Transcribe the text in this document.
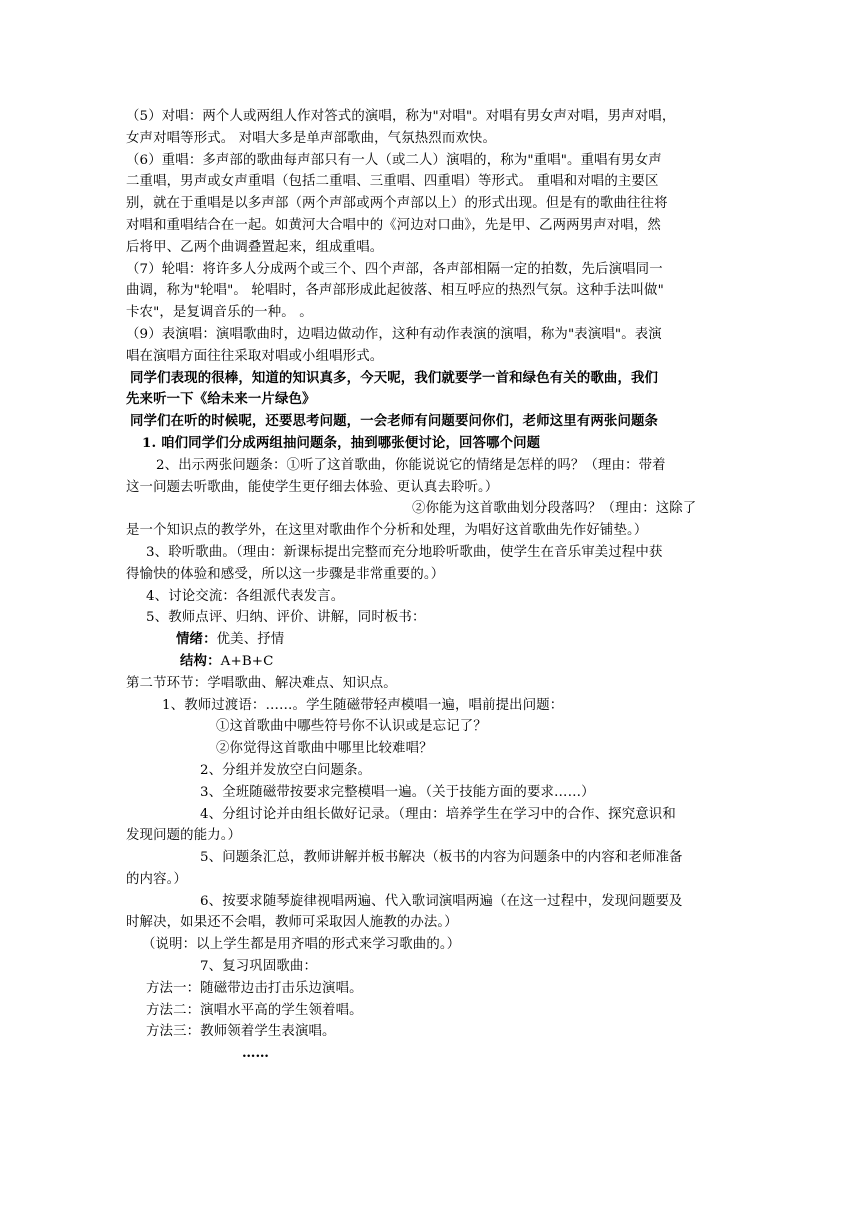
（5）对唱：两个人或两组人作对答式的演唱，称为"对唱"。对唱有男女声对唱，男声对唱，
女声对唱等形式。 对唱大多是单声部歌曲，气氛热烈而欢快。
（6）重唱：多声部的歌曲每声部只有一人（或二人）演唱的，称为"重唱"。重唱有男女声
二重唱，男声或女声重唱（包括二重唱、三重唱、四重唱）等形式。 重唱和对唱的主要区
别，就在于重唱是以多声部（两个声部或两个声部以上）的形式出现。但是有的歌曲往往将
对唱和重唱结合在一起。如黄河大合唱中的《河边对口曲》，先是甲、乙两两男声对唱，然
后将甲、乙两个曲调叠置起来，组成重唱。
（7）轮唱：将许多人分成两个或三个、四个声部，各声部相隔一定的拍数，先后演唱同一
曲调，称为"轮唱"。 轮唱时，各声部形成此起彼落、相互呼应的热烈气氛。这种手法叫做"
卡农"，是复调音乐的一种。 。
（9）表演唱：演唱歌曲时，边唱边做动作，这种有动作表演的演唱，称为"表演唱"。表演
唱在演唱方面往往采取对唱或小组唱形式。
同学们表现的很棒，知道的知识真多，今天呢，我们就要学一首和绿色有关的歌曲，我们
先来听一下《给未来一片绿色》
同学们在听的时候呢，还要思考问题，一会老师有问题要问你们，老师这里有两张问题条
1. 咱们同学们分成两组抽问题条，抽到哪张便讨论，回答哪个问题
2、出示两张问题条：①听了这首歌曲，你能说说它的情绪是怎样的吗？（理由：带着
这一问题去听歌曲，能使学生更仔细去体验、更认真去聆听。）
②你能为这首歌曲划分段落吗？（理由：这除了
是一个知识点的教学外，在这里对歌曲作个分析和处理，为唱好这首歌曲先作好铺垫。）
3、聆听歌曲。（理由：新课标提出完整而充分地聆听歌曲，使学生在音乐审美过程中获
得愉快的体验和感受，所以这一步骤是非常重要的。）
4、讨论交流：各组派代表发言。
5、教师点评、归纳、评价、讲解，同时板书：
情绪：优美、抒情
结构：A+B+C
第二节环节：学唱歌曲、解决难点、知识点。
1、教师过渡语：……。学生随磁带轻声模唱一遍，唱前提出问题：
①这首歌曲中哪些符号你不认识或是忘记了？
②你觉得这首歌曲中哪里比较难唱？
2、分组并发放空白问题条。
3、全班随磁带按要求完整模唱一遍。（关于技能方面的要求……）
4、分组讨论并由组长做好记录。（理由：培养学生在学习中的合作、探究意识和
发现问题的能力。）
5、问题条汇总，教师讲解并板书解决（板书的内容为问题条中的内容和老师准备
的内容。）
6、按要求随琴旋律视唱两遍、代入歌词演唱两遍（在这一过程中，发现问题要及
时解决，如果还不会唱，教师可采取因人施教的办法。）
（说明：以上学生都是用齐唱的形式来学习歌曲的。）
7、复习巩固歌曲：
方法一：随磁带边击打击乐边演唱。
方法二：演唱水平高的学生领着唱。
方法三：教师领着学生表演唱。
……
